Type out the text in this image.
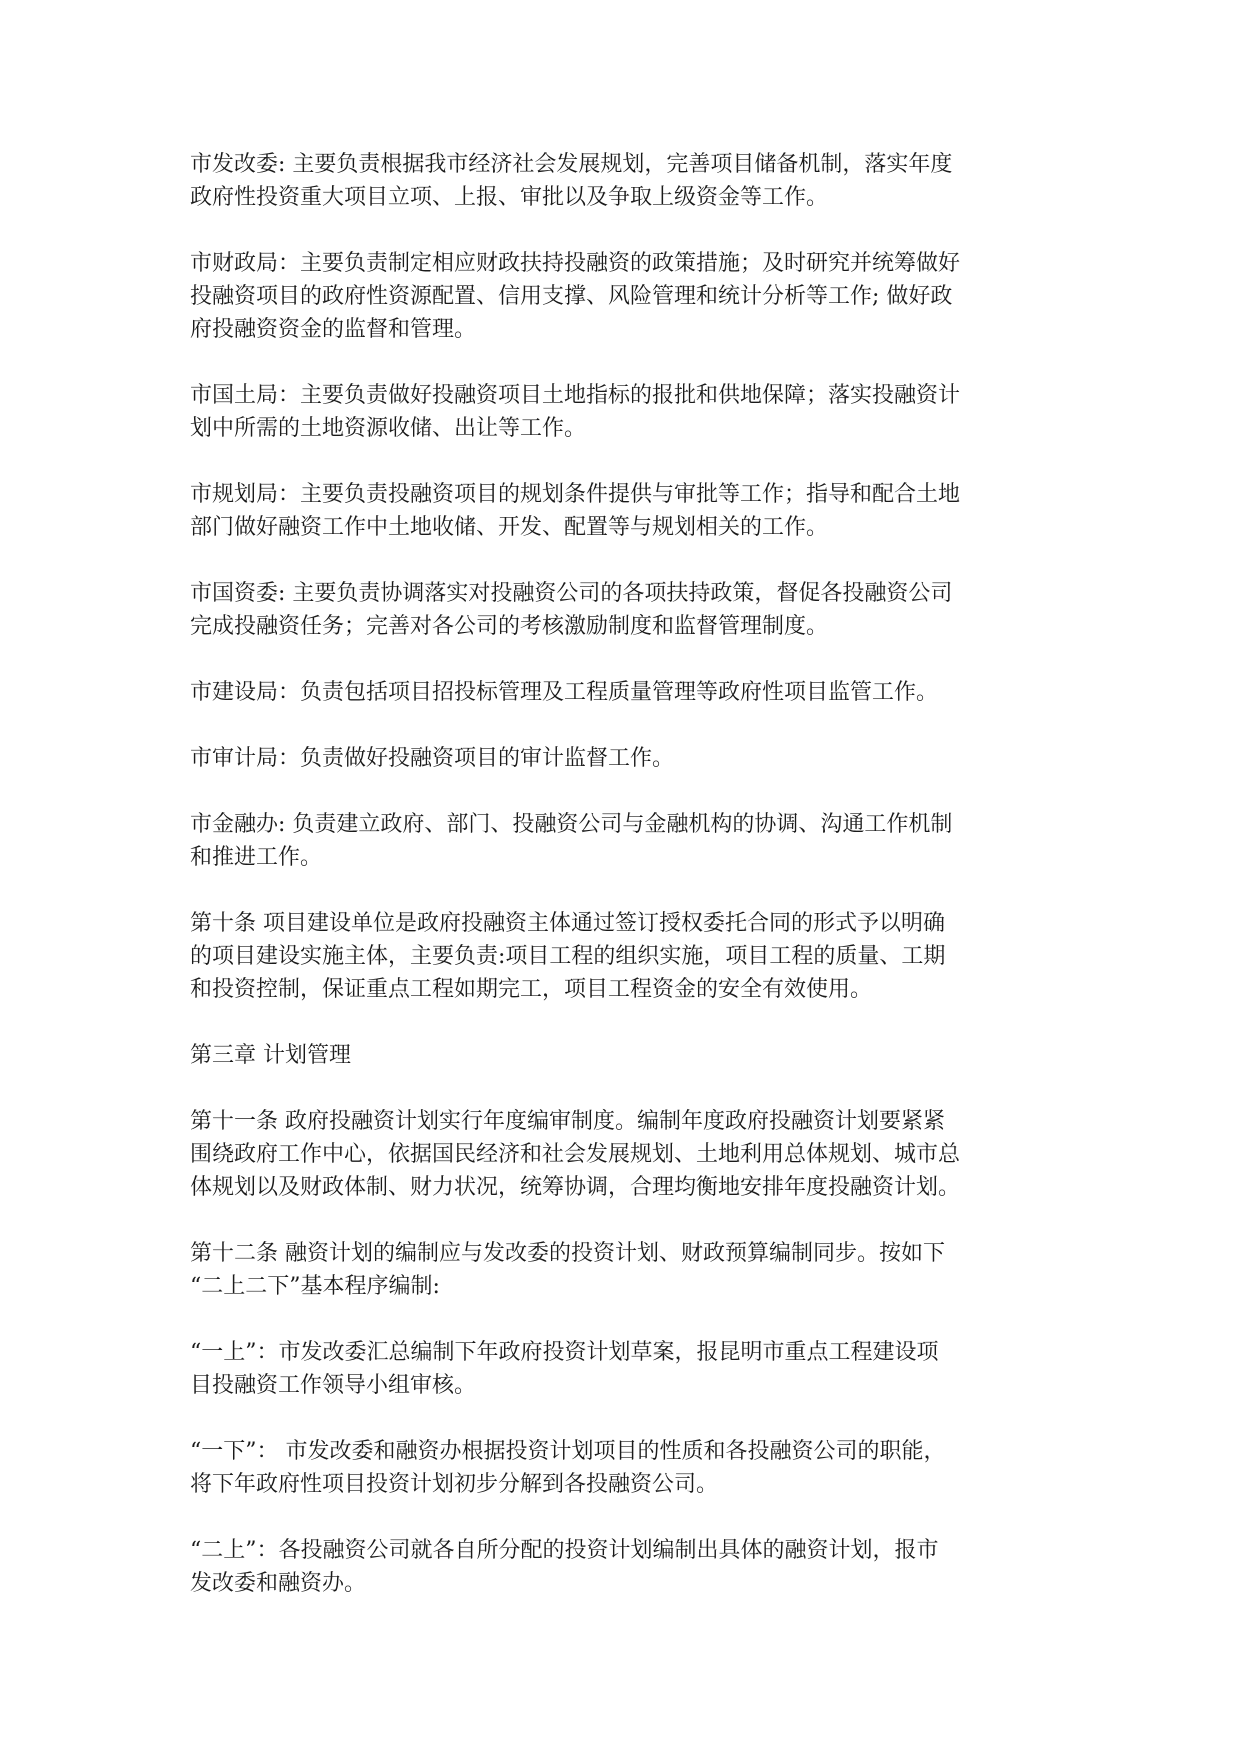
市发改委: 主要负责根据我市经济社会发展规划，完善项目储备机制，落实年度
政府性投资重大项目立项、上报、审批以及争取上级资金等工作。

市财政局：主要负责制定相应财政扶持投融资的政策措施；及时研究并统筹做好
投融资项目的政府性资源配置、信用支撑、风险管理和统计分析等工作; 做好政
府投融资资金的监督和管理。

市国土局：主要负责做好投融资项目土地指标的报批和供地保障；落实投融资计
划中所需的土地资源收储、出让等工作。

市规划局：主要负责投融资项目的规划条件提供与审批等工作；指导和配合土地
部门做好融资工作中土地收储、开发、配置等与规划相关的工作。

市国资委: 主要负责协调落实对投融资公司的各项扶持政策，督促各投融资公司
完成投融资任务；完善对各公司的考核激励制度和监督管理制度。

市建设局：负责包括项目招投标管理及工程质量管理等政府性项目监管工作。

市审计局：负责做好投融资项目的审计监督工作。

市金融办: 负责建立政府、部门、投融资公司与金融机构的协调、沟通工作机制
和推进工作。

第十条 项目建设单位是政府投融资主体通过签订授权委托合同的形式予以明确
的项目建设实施主体，主要负责:项目工程的组织实施，项目工程的质量、工期
和投资控制，保证重点工程如期完工，项目工程资金的安全有效使用。

第三章 计划管理

第十一条 政府投融资计划实行年度编审制度。编制年度政府投融资计划要紧紧
围绕政府工作中心，依据国民经济和社会发展规划、土地利用总体规划、城市总
体规划以及财政体制、财力状况，统筹协调，合理均衡地安排年度投融资计划。

第十二条 融资计划的编制应与发改委的投资计划、财政预算编制同步。按如下
“二上二下”基本程序编制:

“一上”：市发改委汇总编制下年政府投资计划草案，报昆明市重点工程建设项
目投融资工作领导小组审核。

“一下”： 市发改委和融资办根据投资计划项目的性质和各投融资公司的职能，
将下年政府性项目投资计划初步分解到各投融资公司。

“二上”：各投融资公司就各自所分配的投资计划编制出具体的融资计划，报市
发改委和融资办。
